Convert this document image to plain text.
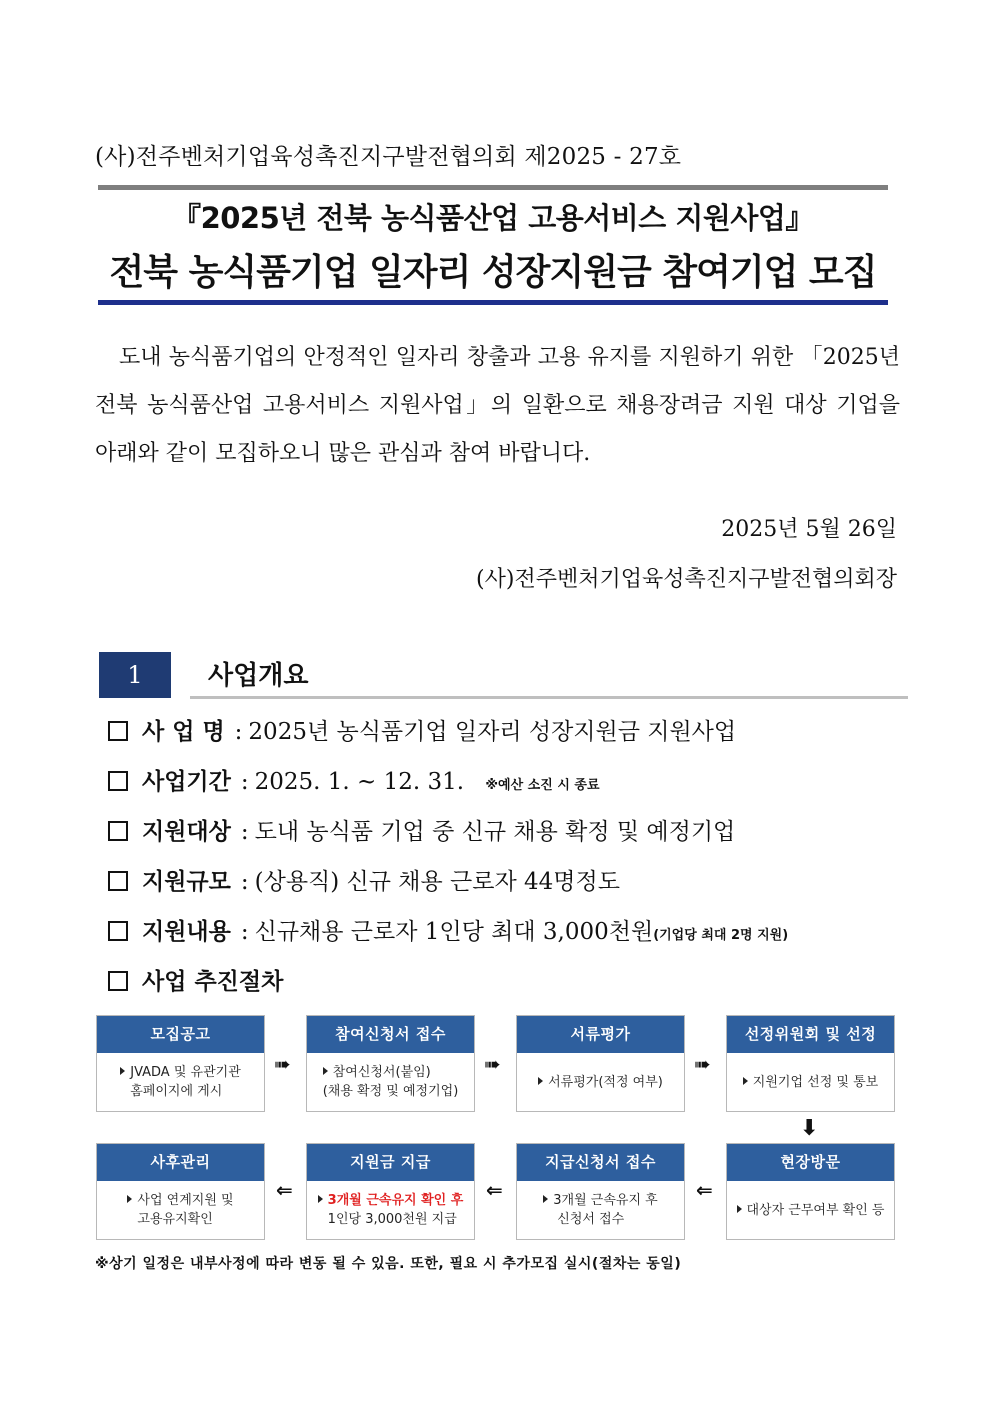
(사)전주벤처기업육성촉진지구발전협의회 제2025 - 27호
『2025년 전북 농식품산업 고용서비스 지원사업』
전북 농식품기업 일자리 성장지원금 참여기업 모집

도내 농식품기업의 안정적인 일자리 창출과 고용 유지를 지원하기 위한 「2025년 전북 농식품산업 고용서비스 지원사업」의 일환으로 채용장려금 지원 대상 기업을 아래와 같이 모집하오니 많은 관심과 참여 바랍니다.

2025년 5월 26일
(사)전주벤처기업육성촉진지구발전협의회장
1	사업개요
사 업 명 : 2025년 농식품기업 일자리 성장지원금 지원사업
사업기간 : 2025. 1. ~ 12. 31. ※예산 소진 시 종료
지원대상 : 도내 농식품 기업 중 신규 채용 확정 및 예정기업
지원규모 : (상용직) 신규 채용 근로자 44명정도
지원내용 : 신규채용 근로자 1인당 최대 3,000천원(기업당 최대 2명 지원)
사업 추진절차
모집공고
JVADA 및 유관기관
홈페이지에 게시
➠
참여신청서 접수
참여신청서(붙임)
(채용 확정 및 예정기업)
➠
서류평가
서류평가(적정 여부)
➠
선정위원회 및 선정
지원기업 선정 및 통보
⬇
사후관리
사업 연계지원 및
고용유지확인
⇐
지원금 지급
3개월 근속유지 확인 후
1인당 3,000천원 지급
⇐
지급신청서 접수
3개월 근속유지 후
신청서 접수
⇐
현장방문
대상자 근무여부 확인 등
※상기 일정은 내부사정에 따라 변동 될 수 있음. 또한, 필요 시 추가모집 실시(절차는 동일)
